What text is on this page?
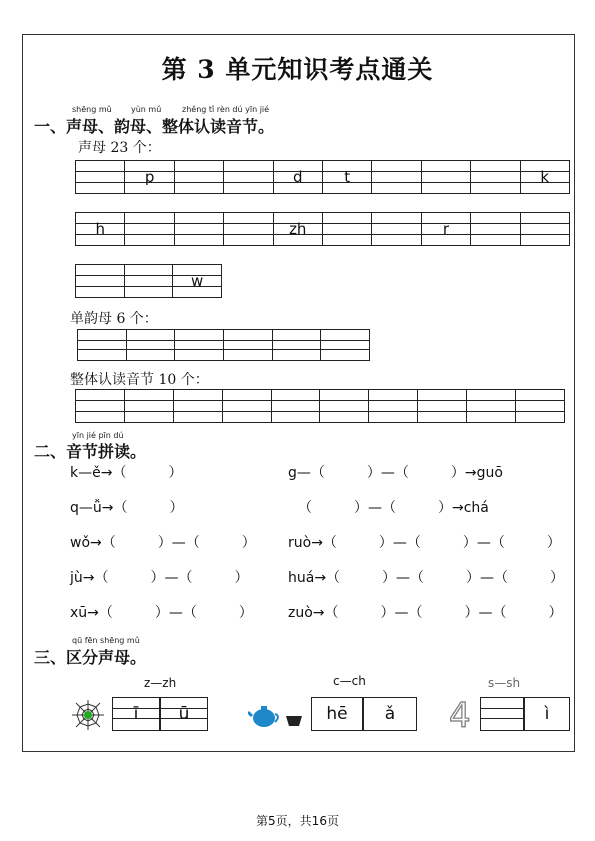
第 3 单元知识考点通关
shēng mǔ yùn mǔ	zhěng tǐ rèn dú yīn jié
一、声母、韵母、整体认读音节。
声母 23 个：

p			d	t				k
h				zh			r

w
单韵母 6 个：

整体认读音节 10 个：

yīn jié pīn dú
二、音节拼读。
k—ě→（　　　）	g—（　　　）—（　　　）→guō
q—ǚ→（　　　）	（　　　）—（　　　）→chá
wǒ→（　　　）—（　　　） ruò→（　　　）—（　　　）—（　　　）
jù→（　　　）—（　　　）	huá→（　　　）—（　　　）—（　　　）
xū→（　　　）—（　　　）	zuò→（　　　）—（　　　）—（　　　）
qū fēn shēng mǔ
三、区分声母。
z—zh	c—ch	s—sh
ī ū	hē ǎ 4	ì
第5页，共16页
